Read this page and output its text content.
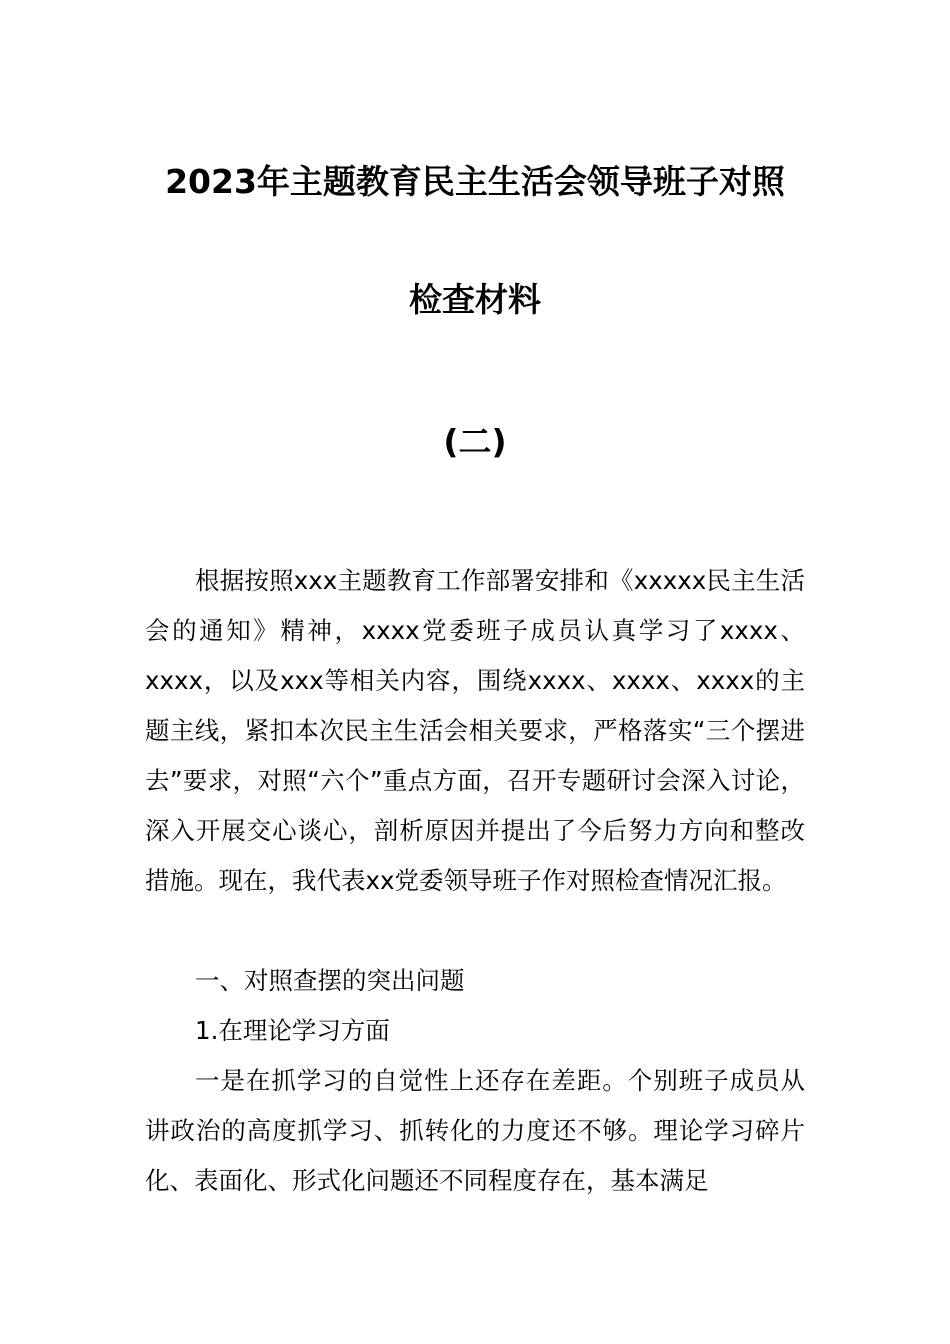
2023年主题教育民主生活会领导班子对照
检查材料
(二)
根据按照xxx主题教育工作部署安排和《xxxxx民主生活会的通知》精神，xxxx党委班子成员认真学习了xxxx、xxxx，以及xxx等相关内容，围绕xxxx、xxxx、xxxx的主题主线，紧扣本次民主生活会相关要求，严格落实“三个摆进去”要求，对照“六个”重点方面，召开专题研讨会深入讨论，深入开展交心谈心，剖析原因并提出了今后努力方向和整改措施。现在，我代表xx党委领导班子作对照检查情况汇报。
一、对照查摆的突出问题
1.在理论学习方面
一是在抓学习的自觉性上还存在差距。个别班子成员从讲政治的高度抓学习、抓转化的力度还不够。理论学习碎片化、表面化、形式化问题还不同程度存在，基本满足
